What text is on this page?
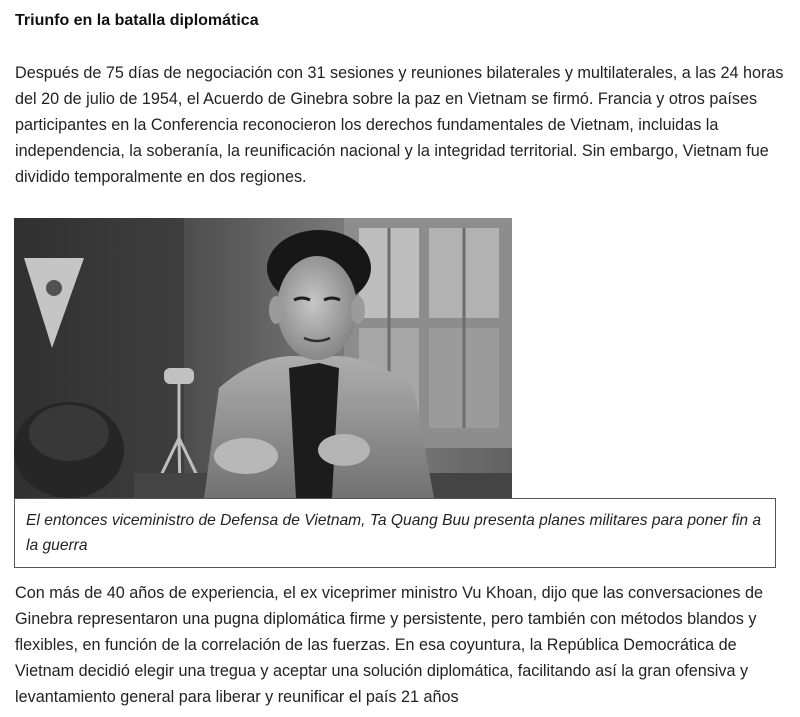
Triunfo en la batalla diplomática

Después de 75 días de negociación con 31 sesiones y reuniones bilaterales y multilaterales, a las 24 horas del 20 de julio de 1954, el Acuerdo de Ginebra sobre la paz en Vietnam se firmó. Francia y otros países participantes en la Conferencia reconocieron los derechos fundamentales de Vietnam, incluidas la independencia, la soberanía, la reunificación nacional y la integridad territorial. Sin embargo, Vietnam fue dividido temporalmente en dos regiones.

El entonces viceministro de Defensa de Vietnam, Ta Quang Buu presenta planes militares para poner fin a la guerra

Con más de 40 años de experiencia, el ex viceprimer ministro Vu Khoan, dijo que las conversaciones de Ginebra representaron una pugna diplomática firme y persistente, pero también con métodos blandos y flexibles, en función de la correlación de las fuerzas. En esa coyuntura, la República Democrática de Vietnam decidió elegir una tregua y aceptar una solución diplomática, facilitando así la gran ofensiva y levantamiento general para liberar y reunificar el país 21 años
